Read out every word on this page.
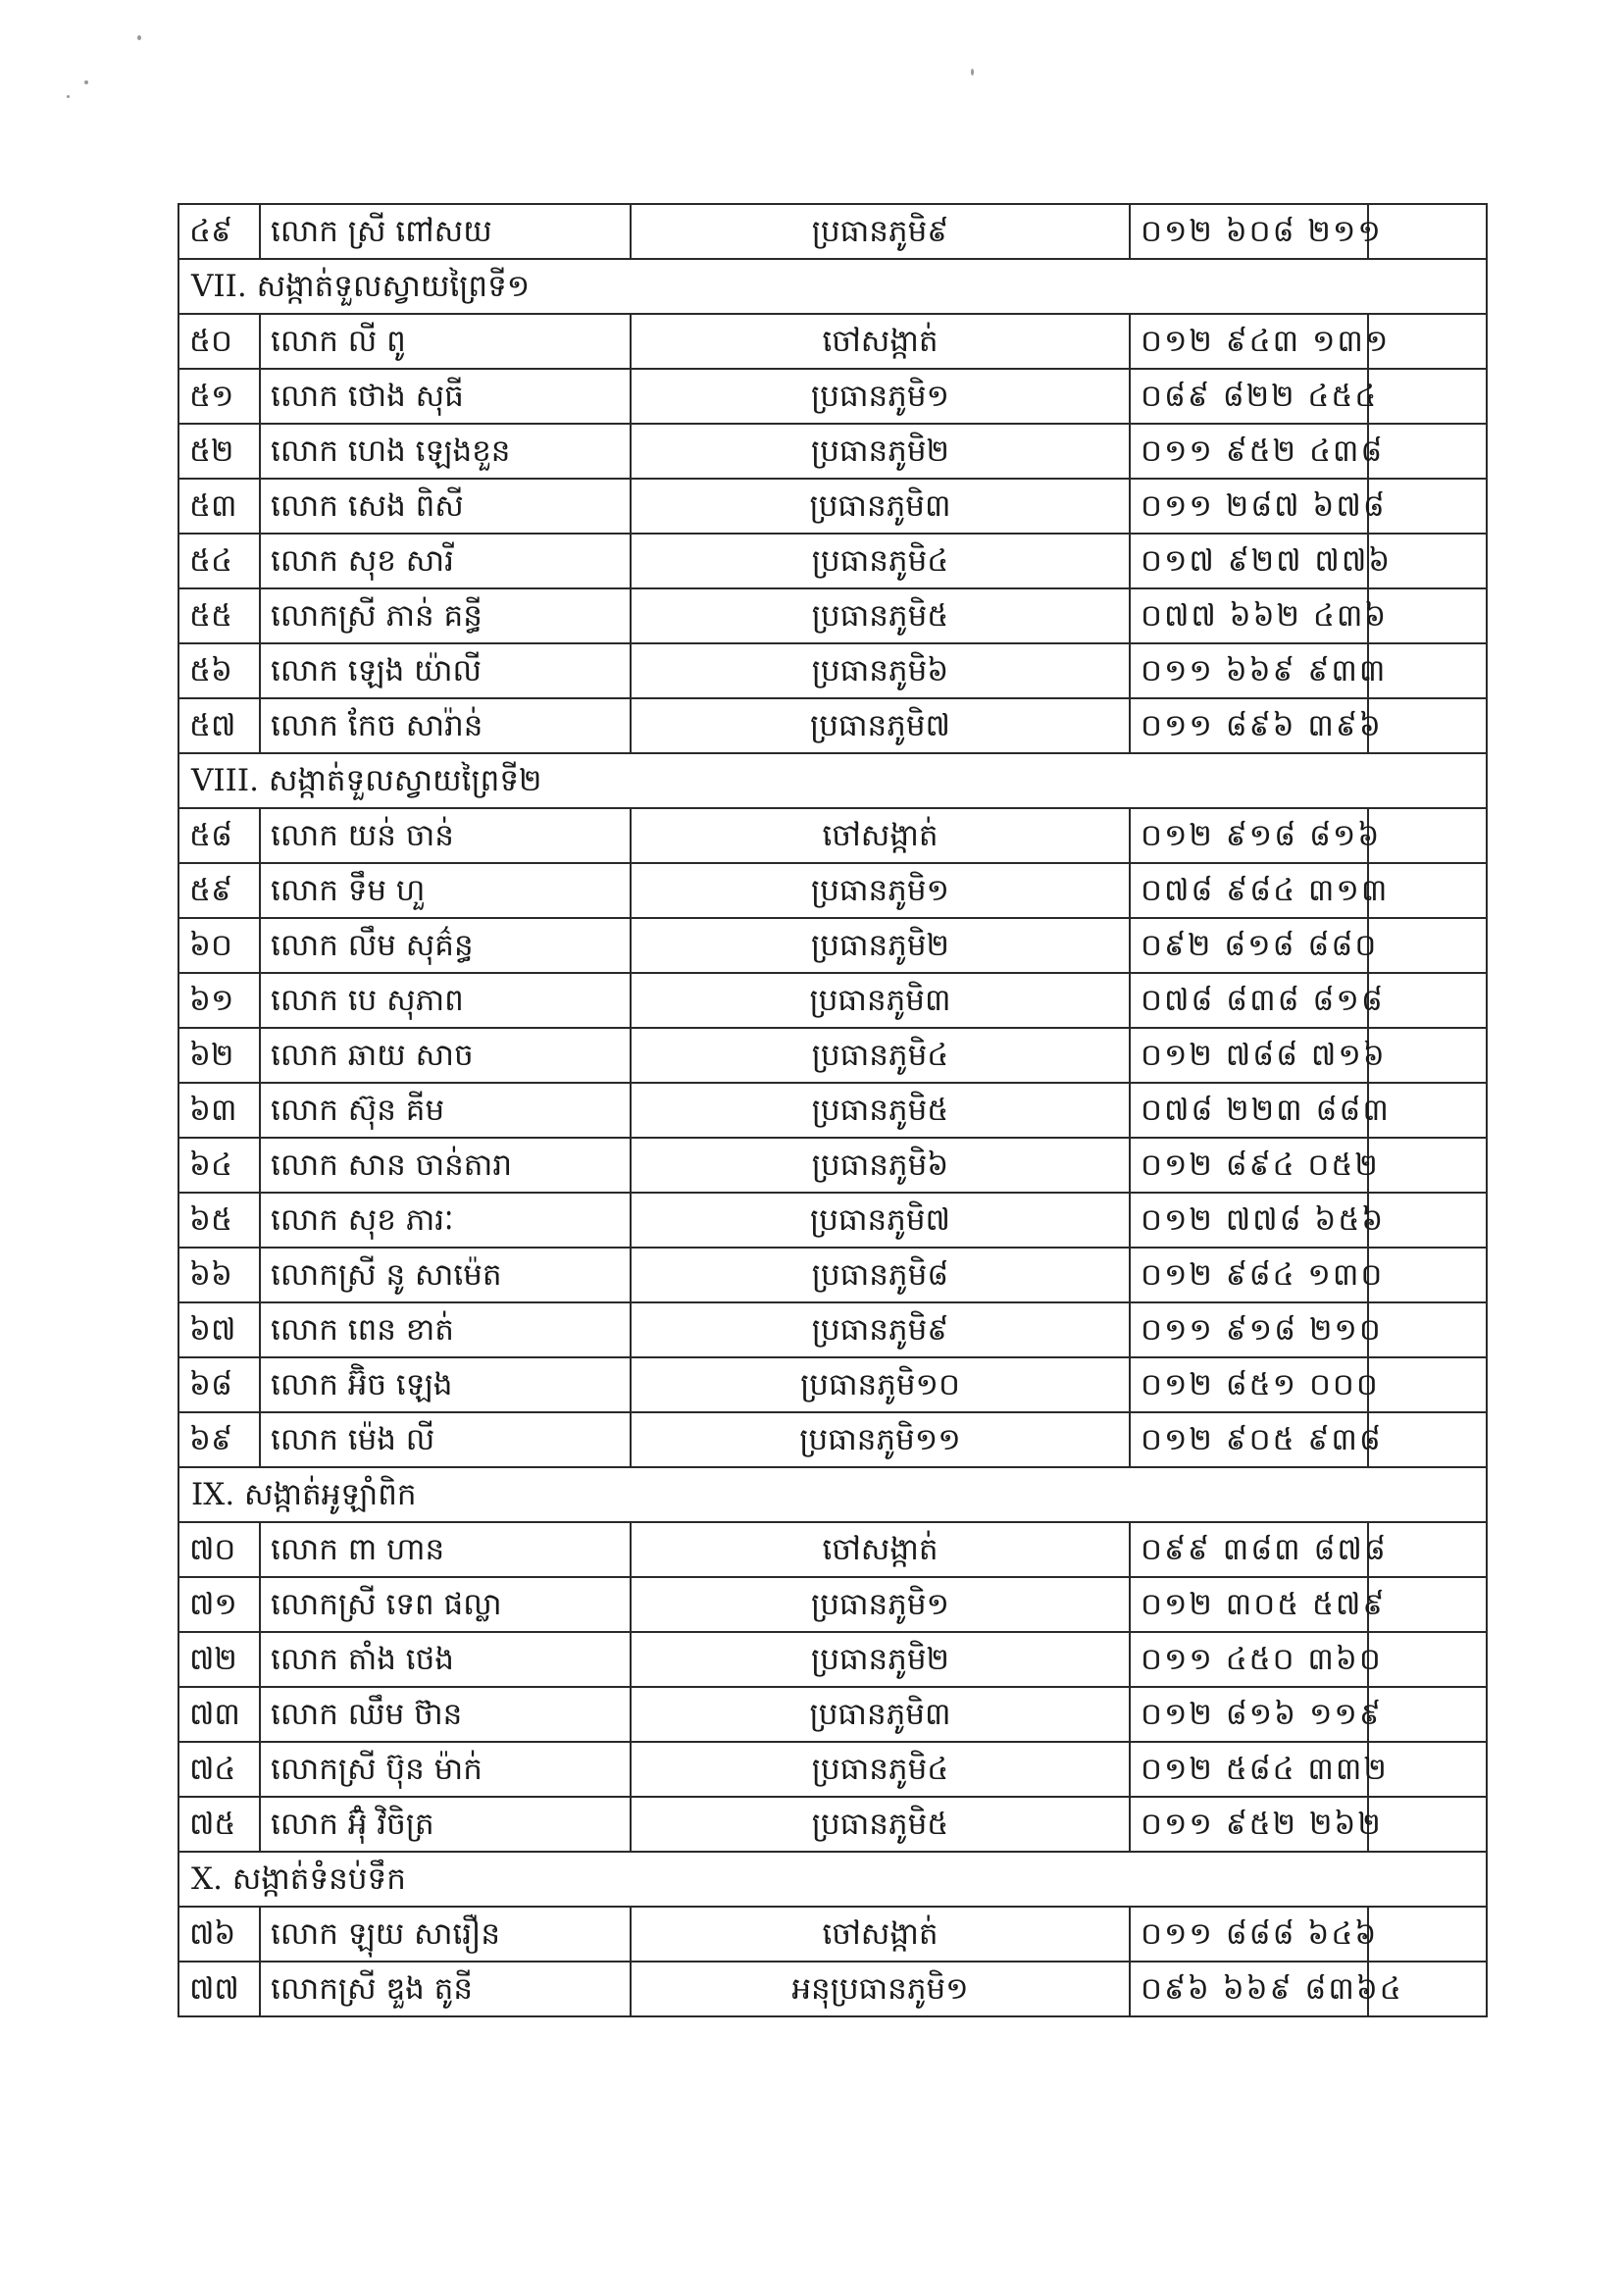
៤៩	លោក ស្រី ពៅសយ	ប្រធានភូមិ៩	០១២ ៦០៨ ២១១	
VII. សង្កាត់ទួលស្វាយព្រៃទី១				
៥០	លោក លី ពូ	ចៅសង្កាត់	០១២ ៩៤៣ ១៣១	
៥១	លោក ថោង សុធី	ប្រធានភូមិ១	០៨៩ ៨២២ ៤៥៤	
៥២	លោក ហេង ឡេងខួន	ប្រធានភូមិ២	០១១ ៩៥២ ៤៣៨	
៥៣	លោក សេង ពិសី	ប្រធានភូមិ៣	០១១ ២៨៧ ៦៧៨	
៥៤	លោក សុខ សារី	ប្រធានភូមិ៤	០១៧ ៩២៧ ៧៧៦	
៥៥	លោកស្រី ភាន់ គន្ធី	ប្រធានភូមិ៥	០៧៧ ៦៦២ ៤៣៦	
៥៦	លោក ឡេង យ៉ាលី	ប្រធានភូមិ៦	០១១ ៦៦៩ ៩៣៣	
៥៧	លោក កែច សារ៉ាន់	ប្រធានភូមិ៧	០១១ ៨៩៦ ៣៩៦	
VIII. សង្កាត់ទួលស្វាយព្រៃទី២				
៥៨	លោក យន់ ចាន់	ចៅសង្កាត់	០១២ ៩១៨ ៨១៦	
៥៩	លោក ទឹម ហួ	ប្រធានភូមិ១	០៧៨ ៩៨៤ ៣១៣	
៦០	លោក លឹម សុគ៌ន្ធ	ប្រធានភូមិ២	០៩២ ៨១៨ ៨៨០	
៦១	លោក បេ សុភាព	ប្រធានភូមិ៣	០៧៨ ៨៣៨ ៨១៨	
៦២	លោក ឆាយ សាច	ប្រធានភូមិ៤	០១២ ៧៨៨ ៧១៦	
៦៣	លោក ស៊ុន គីម	ប្រធានភូមិ៥	០៧៨ ២២៣ ៨៨៣	
៦៤	លោក សាន ចាន់តារា	ប្រធានភូមិ៦	០១២ ៨៩៤ ០៥២	
៦៥	លោក សុខ ភារៈ	ប្រធានភូមិ៧	០១២ ៧៧៨ ៦៥៦	
៦៦	លោកស្រី នូ សាម៉េត	ប្រធានភូមិ៨	០១២ ៩៨៤ ១៣០	
៦៧	លោក ពេន ខាត់	ប្រធានភូមិ៩	០១១ ៩១៨ ២១០	
៦៨	លោក អ៊ិច ឡេង	ប្រធានភូមិ១០	០១២ ៨៥១ ០០០	
៦៩	លោក ម៉េង លី	ប្រធានភូមិ១១	០១២ ៩០៥ ៩៣៨	
IX. សង្កាត់អូឡាំពិក				
៧០	លោក ពា ហាន	ចៅសង្កាត់	០៩៩ ៣៨៣ ៨៧៨	
៧១	លោកស្រី ទេព ផល្លា	ប្រធានភូមិ១	០១២ ៣០៥ ៥៧៩	
៧២	លោក តាំង ថេង	ប្រធានភូមិ២	០១១ ៤៥០ ៣៦០	
៧៣	លោក ឈឹម ថ៊ាន	ប្រធានភូមិ៣	០១២ ៨១៦ ១១៩	
៧៤	លោកស្រី ប៊ុន ម៉ាក់	ប្រធានភូមិ៤	០១២ ៥៨៤ ៣៣២	
៧៥	លោក អ៊ុំ វិចិត្រ	ប្រធានភូមិ៥	០១១ ៩៥២ ២៦២	
X. សង្កាត់ទំនប់ទឹក				
៧៦	លោក ឡុយ សារឿន	ចៅសង្កាត់	០១១ ៨៨៨ ៦៤៦	
៧៧	លោកស្រី ឌួង តូនី	អនុប្រធានភូមិ១	០៩៦ ៦៦៩ ៨៣៦៤	
